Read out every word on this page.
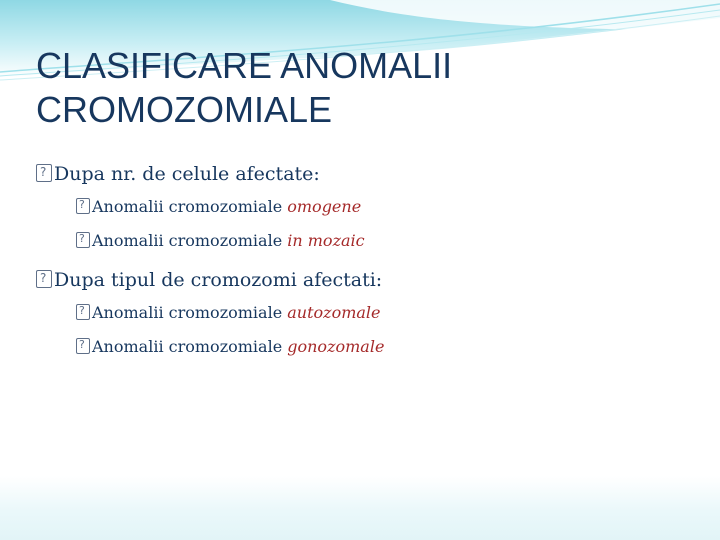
CLASIFICARE ANOMALII
CROMOZOMIALE
?Dupa nr. de celule afectate:
?Anomalii cromozomiale omogene
?Anomalii cromozomiale in mozaic
?Dupa tipul de cromozomi afectati:
?Anomalii cromozomiale autozomale
?Anomalii cromozomiale gonozomale
